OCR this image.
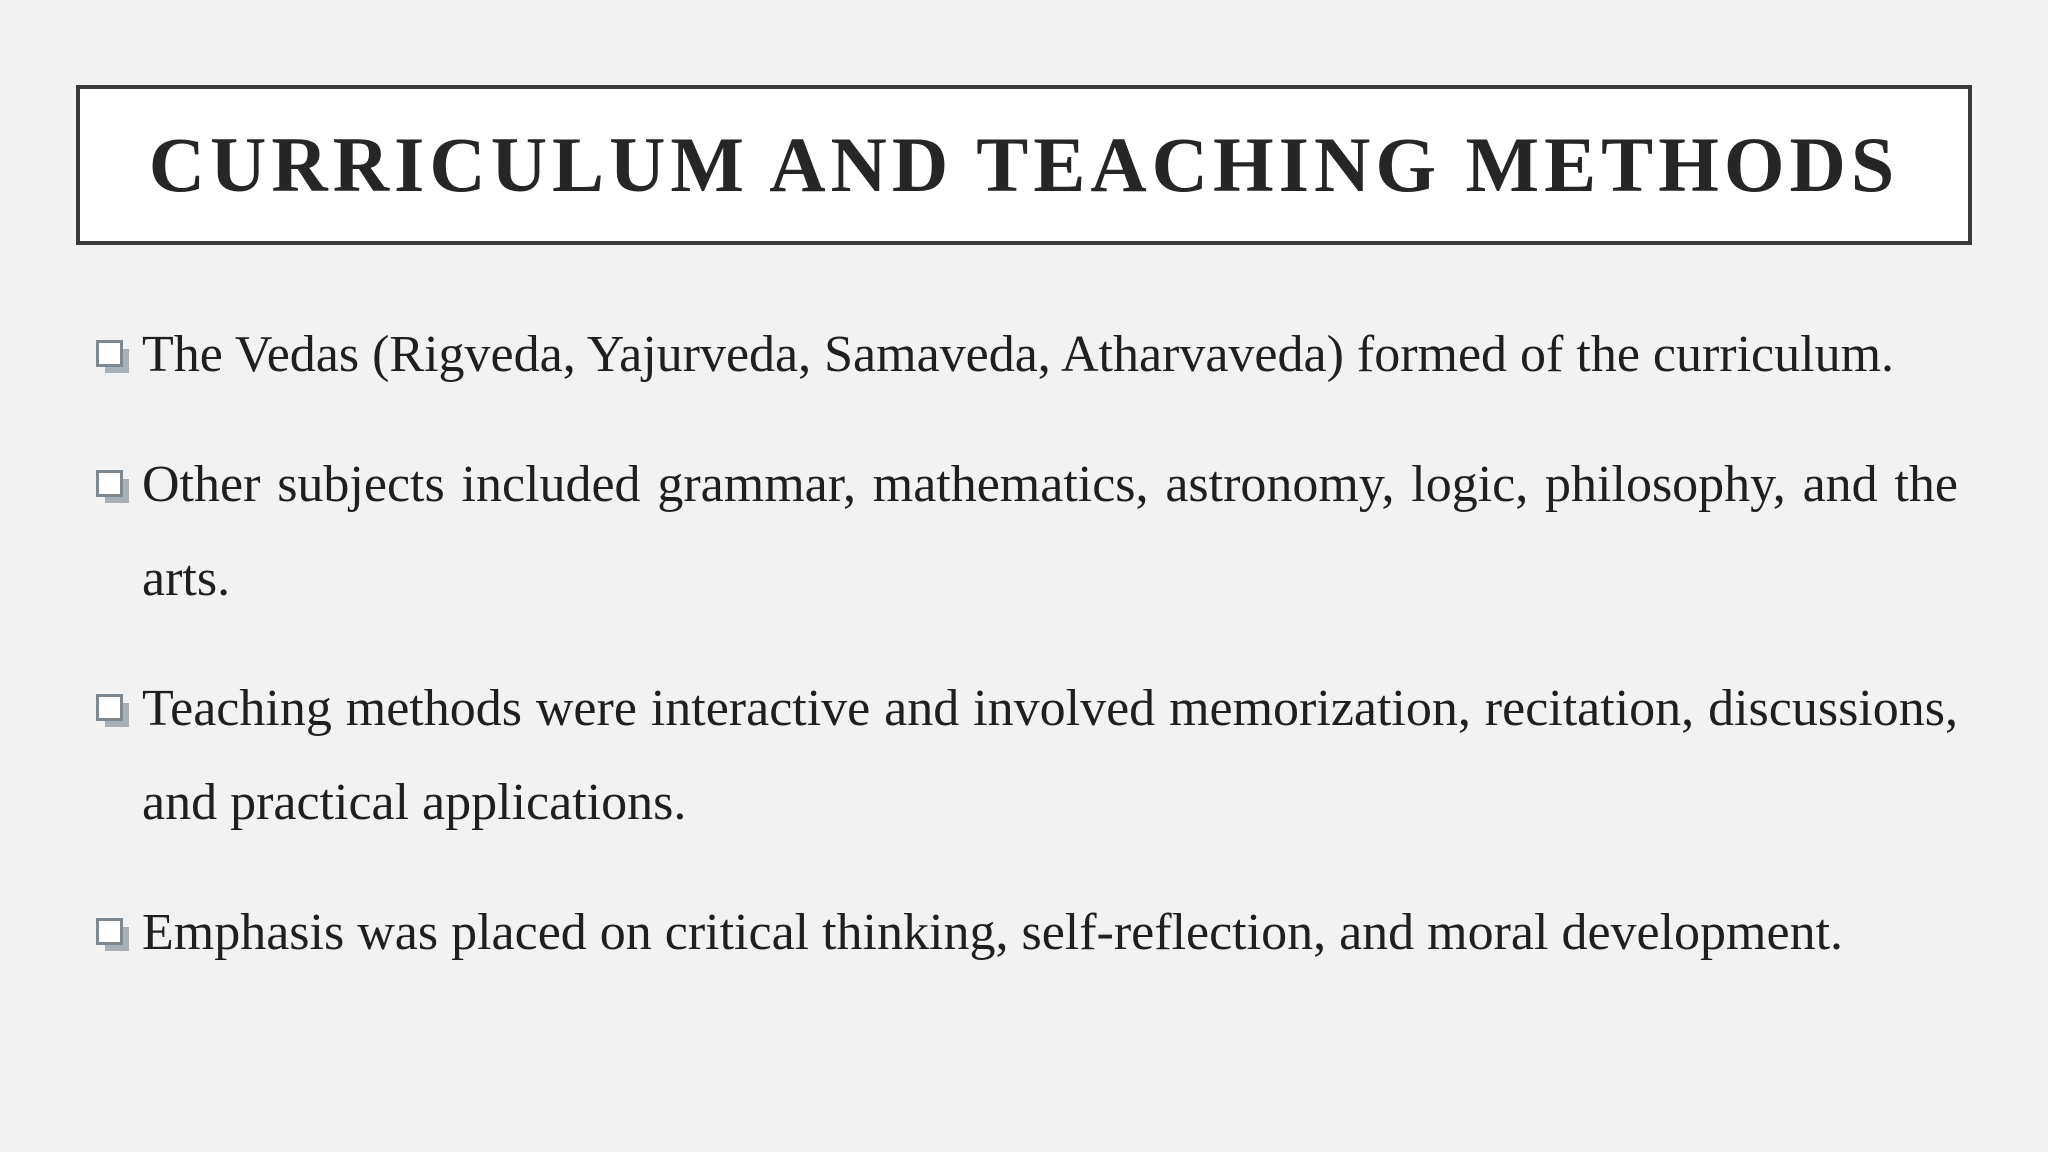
CURRICULUM AND TEACHING METHODS
The Vedas (Rigveda, Yajurveda, Samaveda, Atharvaveda) formed of the curriculum.
Other subjects included grammar, mathematics, astronomy, logic, philosophy, and the arts.
Teaching methods were interactive and involved memorization, recitation, discussions, and practical applications.
Emphasis was placed on critical thinking, self-reflection, and moral development.
